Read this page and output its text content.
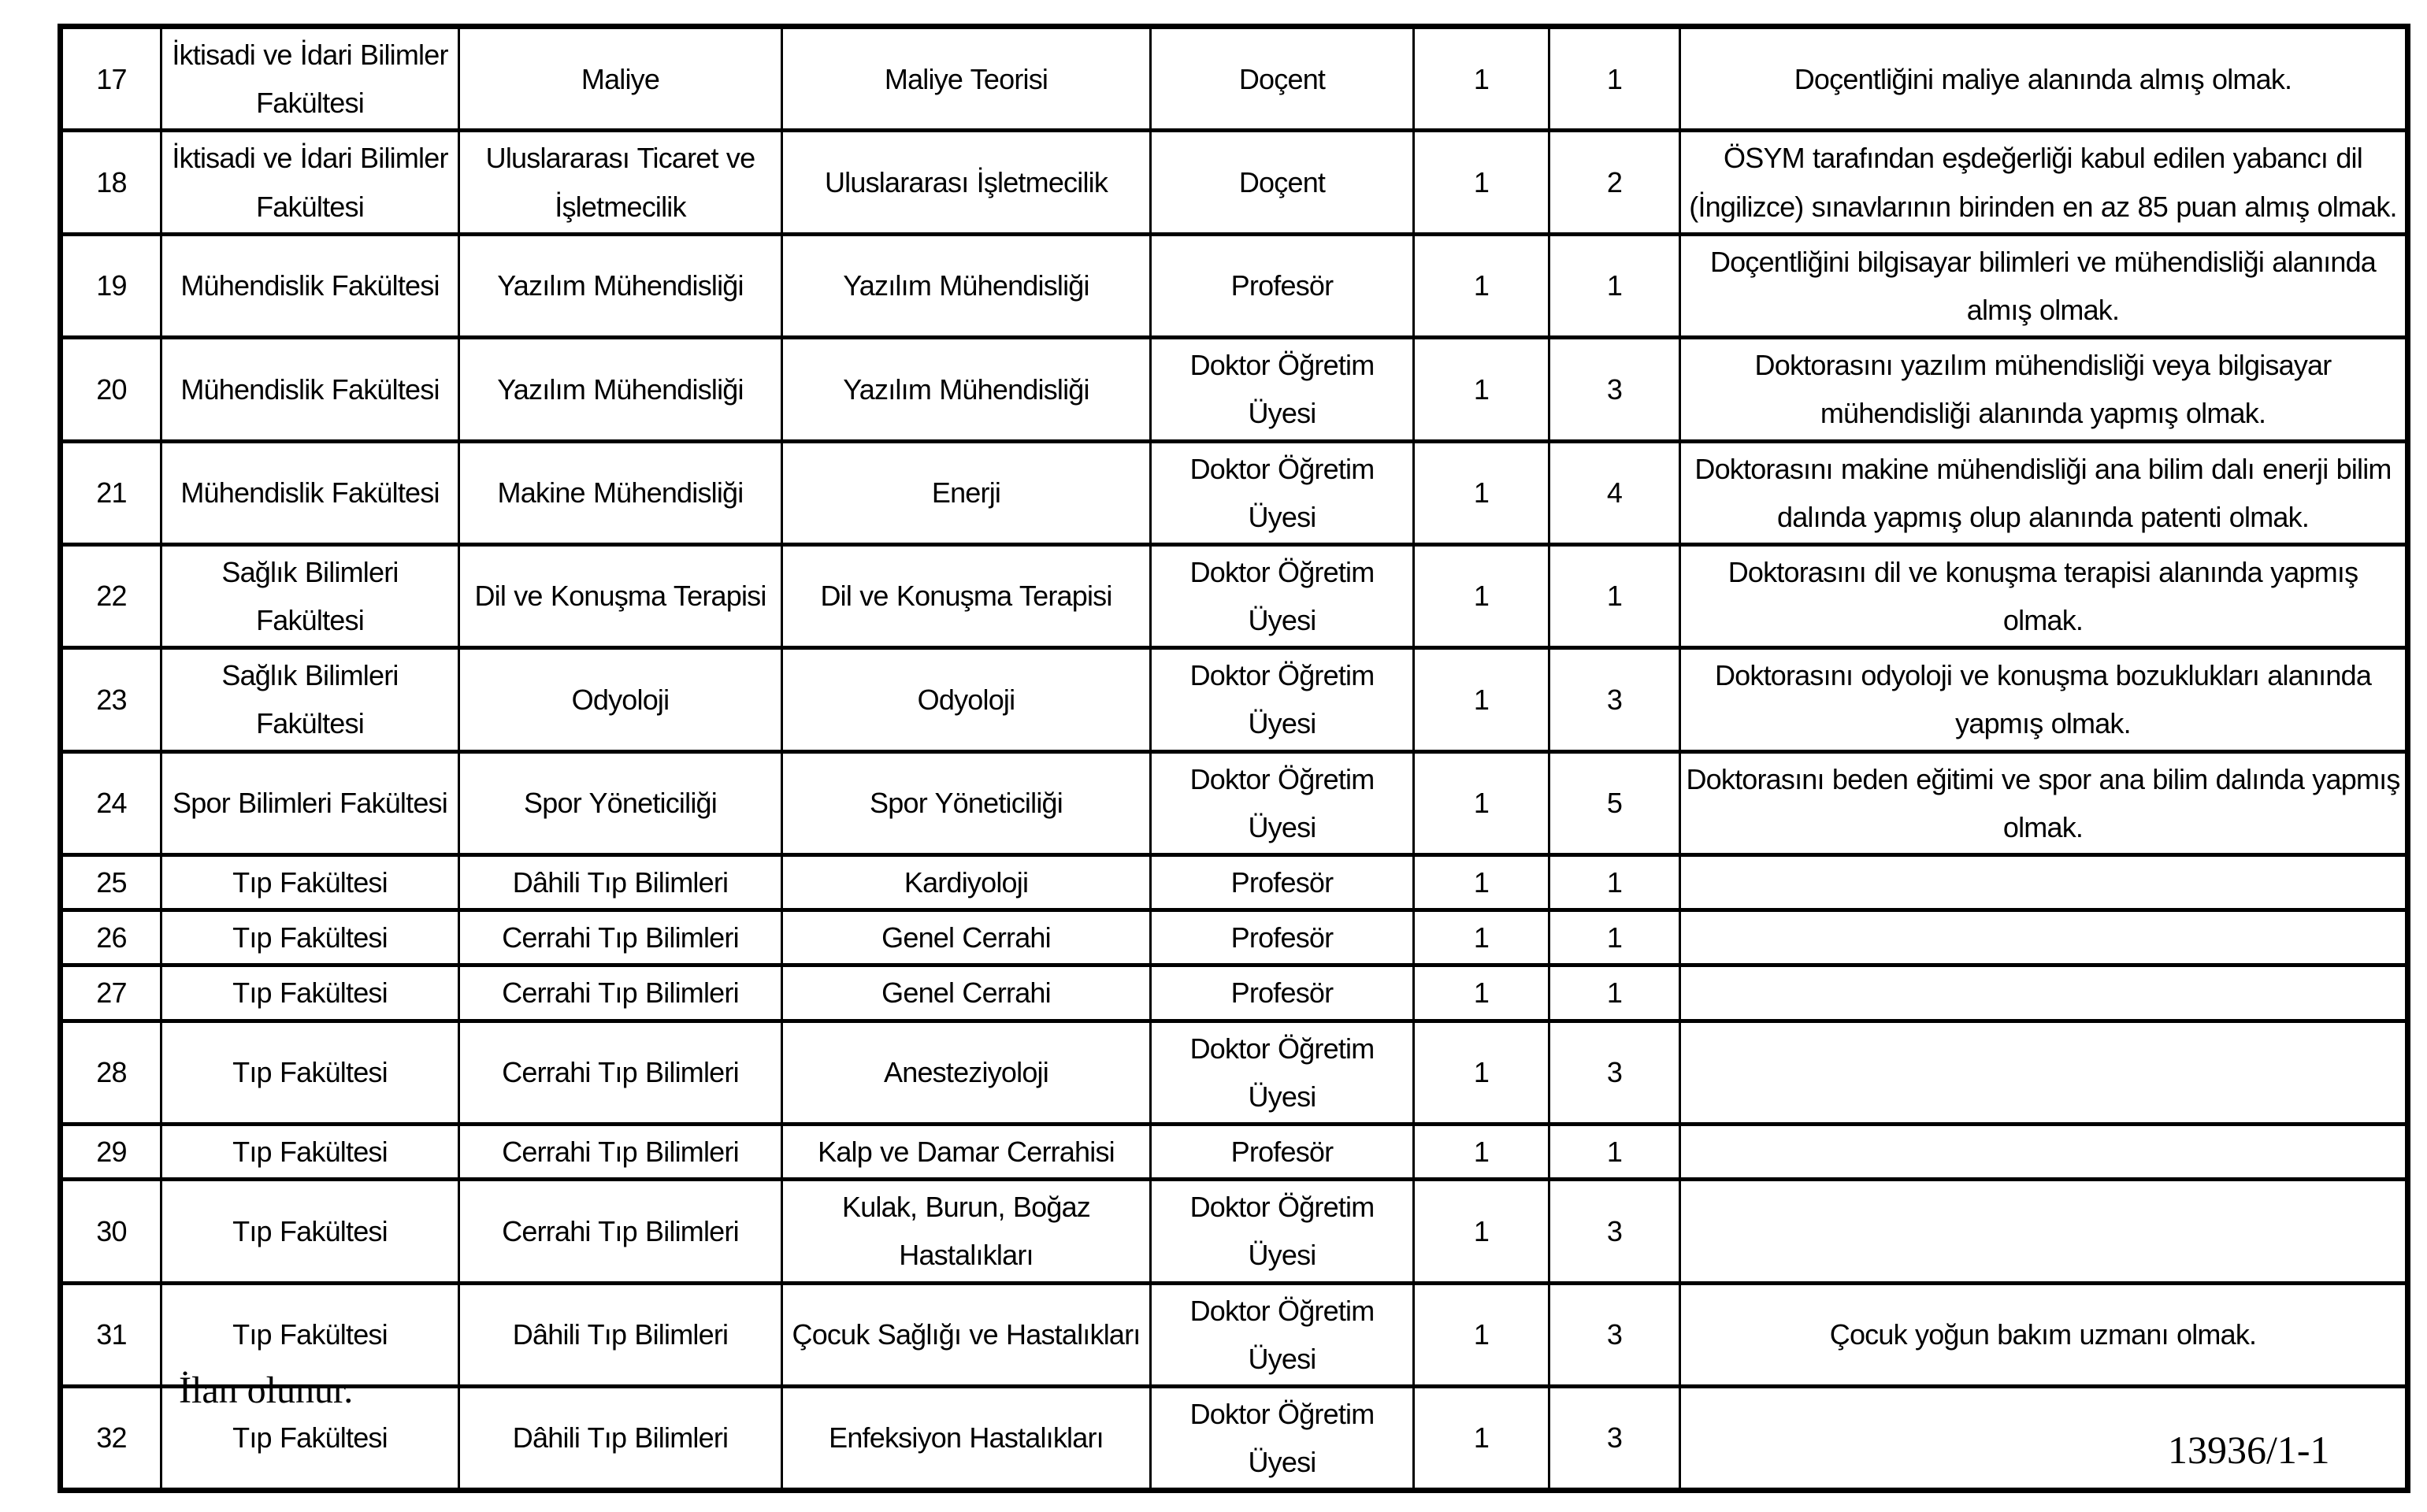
17	İktisadi ve İdari Bilimler Fakültesi	Maliye	Maliye Teorisi	Doçent	1	1	Doçentliğini maliye alanında almış olmak.
18	İktisadi ve İdari Bilimler Fakültesi	Uluslararası Ticaret ve İşletmecilik	Uluslararası İşletmecilik	Doçent	1	2	ÖSYM tarafından eşdeğerliği kabul edilen yabancı dil (İngilizce) sınavlarının birinden en az 85 puan almış olmak.
19	Mühendislik Fakültesi	Yazılım Mühendisliği	Yazılım Mühendisliği	Profesör	1	1	Doçentliğini bilgisayar bilimleri ve mühendisliği alanında almış olmak.
20	Mühendislik Fakültesi	Yazılım Mühendisliği	Yazılım Mühendisliği	Doktor Öğretim Üyesi	1	3	Doktorasını yazılım mühendisliği veya bilgisayar mühendisliği alanında yapmış olmak.
21	Mühendislik Fakültesi	Makine Mühendisliği	Enerji	Doktor Öğretim Üyesi	1	4	Doktorasını makine mühendisliği ana bilim dalı enerji bilim dalında yapmış olup alanında patenti olmak.
22	Sağlık Bilimleri Fakültesi	Dil ve Konuşma Terapisi	Dil ve Konuşma Terapisi	Doktor Öğretim Üyesi	1	1	Doktorasını dil ve konuşma terapisi alanında yapmış olmak.
23	Sağlık Bilimleri Fakültesi	Odyoloji	Odyoloji	Doktor Öğretim Üyesi	1	3	Doktorasını odyoloji ve konuşma bozuklukları alanında yapmış olmak.
24	Spor Bilimleri Fakültesi	Spor Yöneticiliği	Spor Yöneticiliği	Doktor Öğretim Üyesi	1	5	Doktorasını beden eğitimi ve spor ana bilim dalında yapmış olmak.
25	Tıp Fakültesi	Dâhili Tıp Bilimleri	Kardiyoloji	Profesör	1	1	
26	Tıp Fakültesi	Cerrahi Tıp Bilimleri	Genel Cerrahi	Profesör	1	1	
27	Tıp Fakültesi	Cerrahi Tıp Bilimleri	Genel Cerrahi	Profesör	1	1	
28	Tıp Fakültesi	Cerrahi Tıp Bilimleri	Anesteziyoloji	Doktor Öğretim Üyesi	1	3	
29	Tıp Fakültesi	Cerrahi Tıp Bilimleri	Kalp ve Damar Cerrahisi	Profesör	1	1	
30	Tıp Fakültesi	Cerrahi Tıp Bilimleri	Kulak, Burun, Boğaz Hastalıkları	Doktor Öğretim Üyesi	1	3	
31	Tıp Fakültesi	Dâhili Tıp Bilimleri	Çocuk Sağlığı ve Hastalıkları	Doktor Öğretim Üyesi	1	3	Çocuk yoğun bakım uzmanı olmak.
32	Tıp Fakültesi	Dâhili Tıp Bilimleri	Enfeksiyon Hastalıkları	Doktor Öğretim Üyesi	1	3	
İlan olunur.
13936/1-1
